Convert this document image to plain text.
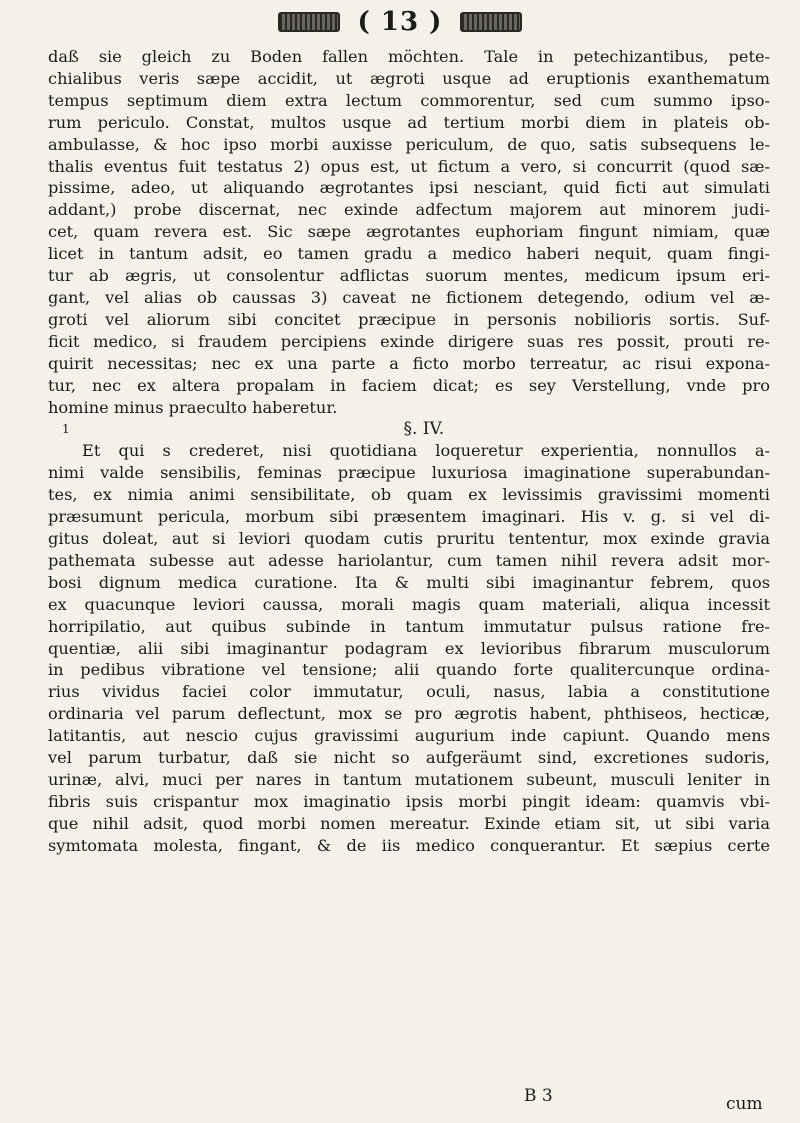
( 13 )
daß sie gleich zu Boden fallen möchten. Tale in petechizantibus, pete-
chialibus veris sæpe accidit, ut ægroti usque ad eruptionis exanthematum
tempus septimum diem extra lectum commorentur, sed cum summo ipso-
rum periculo. Constat, multos usque ad tertium morbi diem in plateis ob-
ambulasse, & hoc ipso morbi auxisse periculum, de quo, satis subsequens le-
thalis eventus fuit testatus 2) opus est, ut fictum a vero, si concurrit (quod sæ-
pissime, adeo, ut aliquando ægrotantes ipsi nesciant, quid ficti aut simulati
addant,) probe discernat, nec exinde adfectum majorem aut minorem judi-
cet, quam revera est. Sic sæpe ægrotantes euphoriam fingunt nimiam, quæ
licet in tantum adsit, eo tamen gradu a medico haberi nequit, quam fingi-
tur ab ægris, ut consolentur adflictas suorum mentes, medicum ipsum eri-
gant, vel alias ob caussas 3) caveat ne fictionem detegendo, odium vel æ-
groti vel aliorum sibi concitet præcipue in personis nobilioris sortis. Suf-
ficit medico, si fraudem percipiens exinde dirigere suas res possit, prouti re-
quirit necessitas; nec ex una parte a ficto morbo terreatur, ac risui expona-
tur, nec ex altera propalam in faciem dicat; es sey Verstellung, vnde pro
homine minus praeculto haberetur.
1	§. IV.
Et qui s crederet, nisi quotidiana loqueretur experientia, nonnullos a-
nimi valde sensibilis, feminas præcipue luxuriosa imaginatione superabundan-
tes, ex nimia animi sensibilitate, ob quam ex levissimis gravissimi momenti
præsumunt pericula, morbum sibi præsentem imaginari. His v. g. si vel di-
gitus doleat, aut si leviori quodam cutis pruritu tententur, mox exinde gravia
pathemata subesse aut adesse hariolantur, cum tamen nihil revera adsit mor-
bosi dignum medica curatione. Ita & multi sibi imaginantur febrem, quos
ex quacunque leviori caussa, morali magis quam materiali, aliqua incessit
horripilatio, aut quibus subinde in tantum immutatur pulsus ratione fre-
quentiæ, alii sibi imaginantur podagram ex levioribus fibrarum musculorum
in pedibus vibratione vel tensione; alii quando forte qualitercunque ordina-
rius vividus faciei color immutatur, oculi, nasus, labia a constitutione
ordinaria vel parum deflectunt, mox se pro ægrotis habent, phthiseos, hecticæ,
latitantis, aut nescio cujus gravissimi augurium inde capiunt. Quando mens
vel parum turbatur, daß sie nicht so aufgeräumt sind, excretiones sudoris,
urinæ, alvi, muci per nares in tantum mutationem subeunt, musculi leniter in
fibris suis crispantur mox imaginatio ipsis morbi pingit ideam: quamvis vbi-
que nihil adsit, quod morbi nomen mereatur. Exinde etiam sit, ut sibi varia
symtomata molesta, fingant, & de iis medico conquerantur. Et sæpius certe
B 3	cum
